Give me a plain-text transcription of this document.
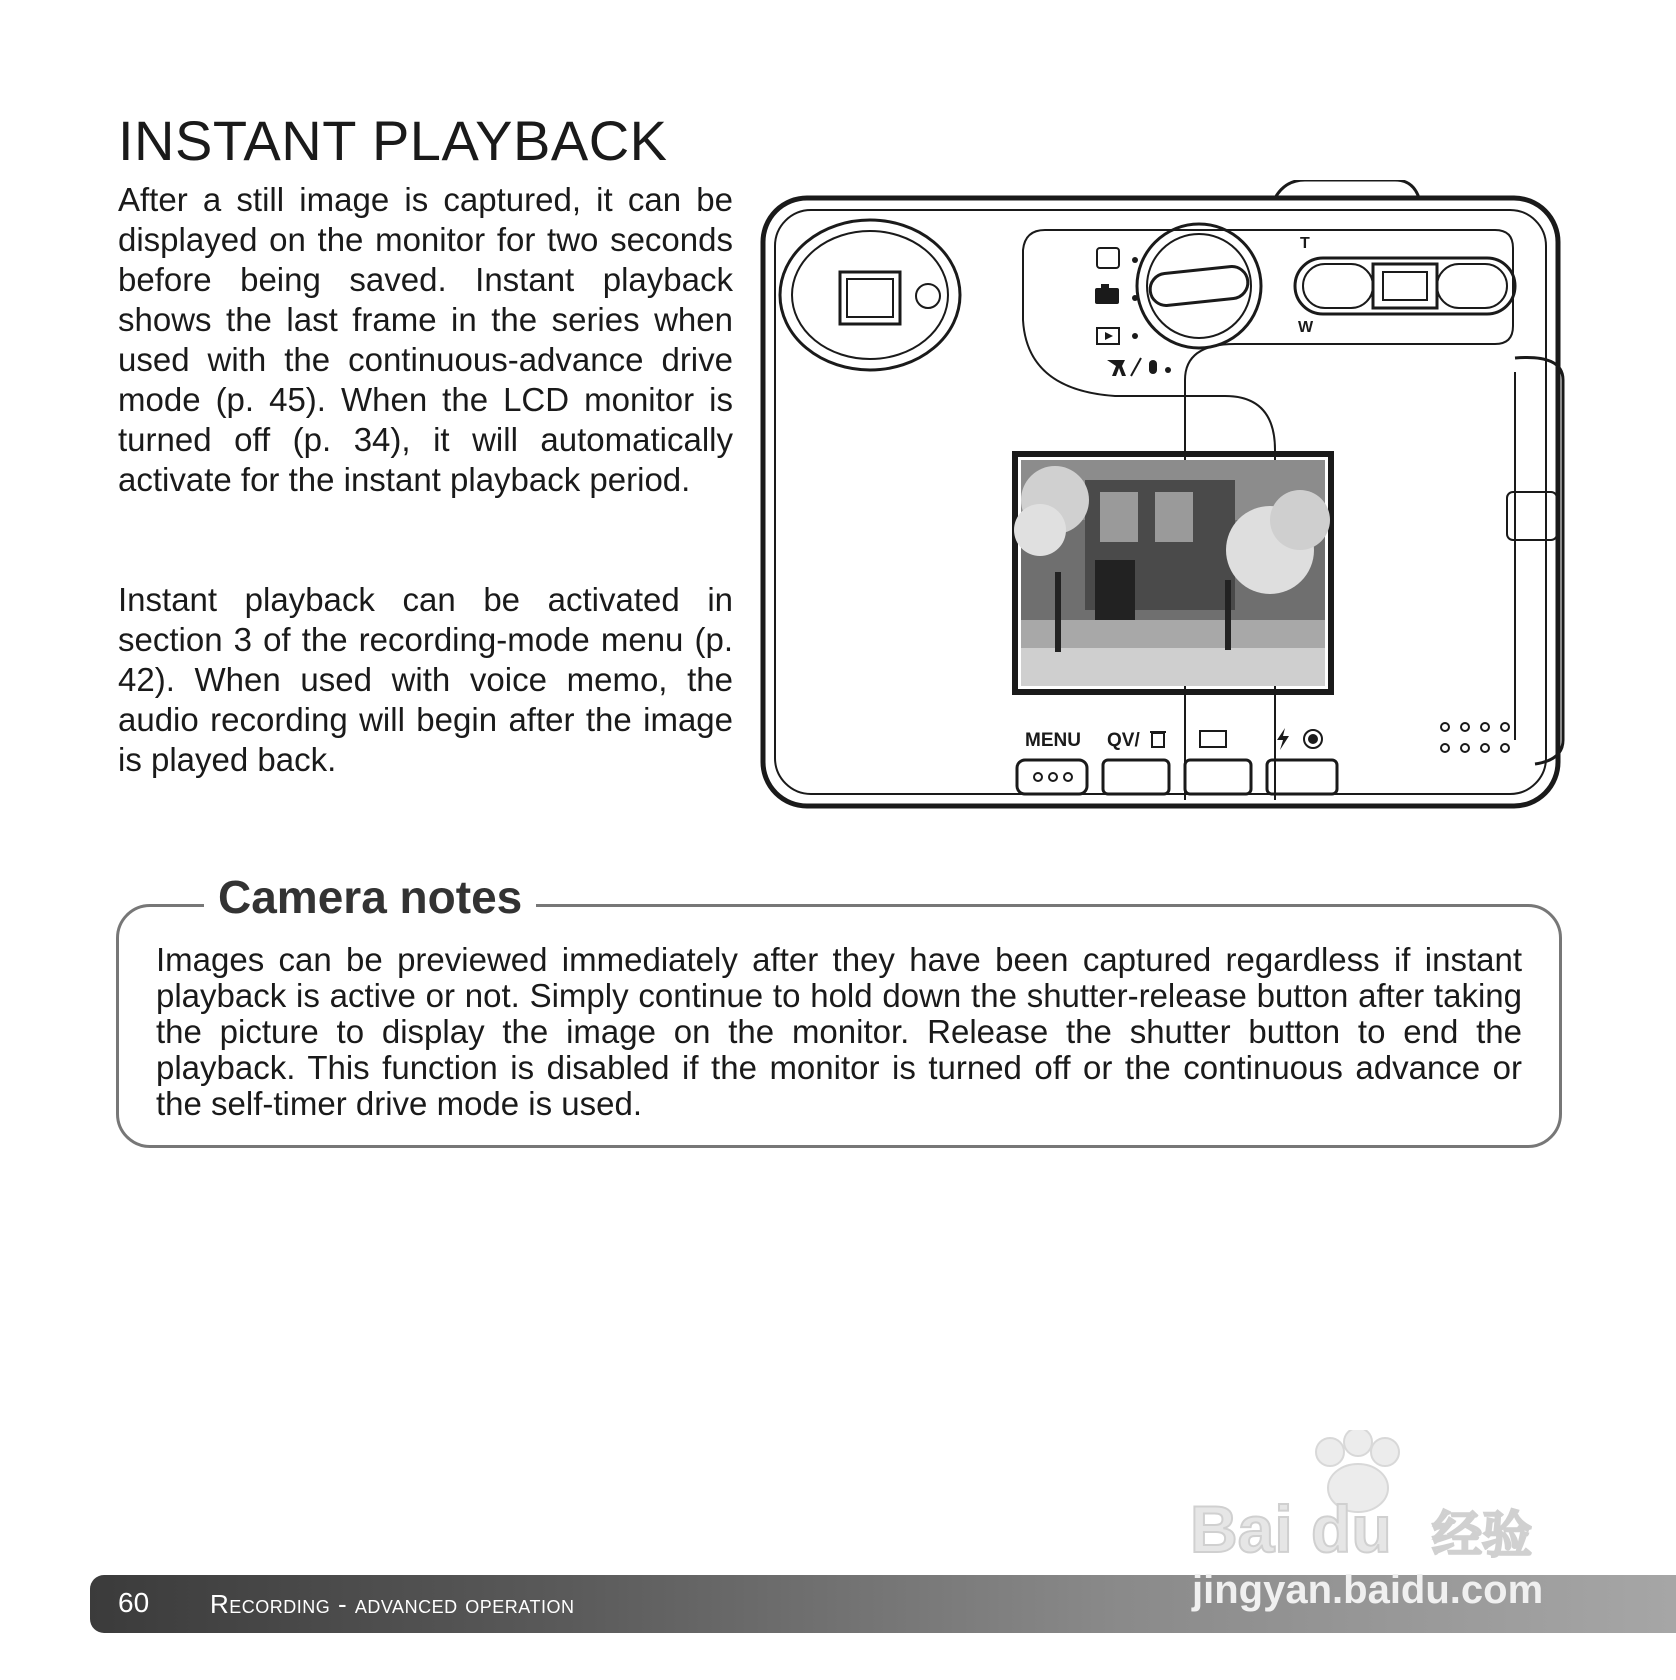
INSTANT PLAYBACK

After a still image is captured, it can be displayed on the monitor for two seconds before being saved. Instant playback shows the last frame in the series when used with the continuous-advance drive mode (p. 45). When the LCD monitor is turned off (p. 34), it will automatically activate for the instant playback period.

Instant playback can be activated in section 3 of the recording-mode menu (p. 42). When used with voice memo, the audio recording will begin after the image is played back.

T
W
MENU QV/
Camera notes

Images can be previewed immediately after they have been captured regardless if instant playback is active or not. Simply continue to hold down the shutter-release button after taking the picture to display the image on the monitor. Release the shutter button to end the playback. This function is disabled if the monitor is turned off or the continuous advance or the self-timer drive mode is used.

Bai du 经验
60 Recording - advanced operation	jingyan.baidu.com
